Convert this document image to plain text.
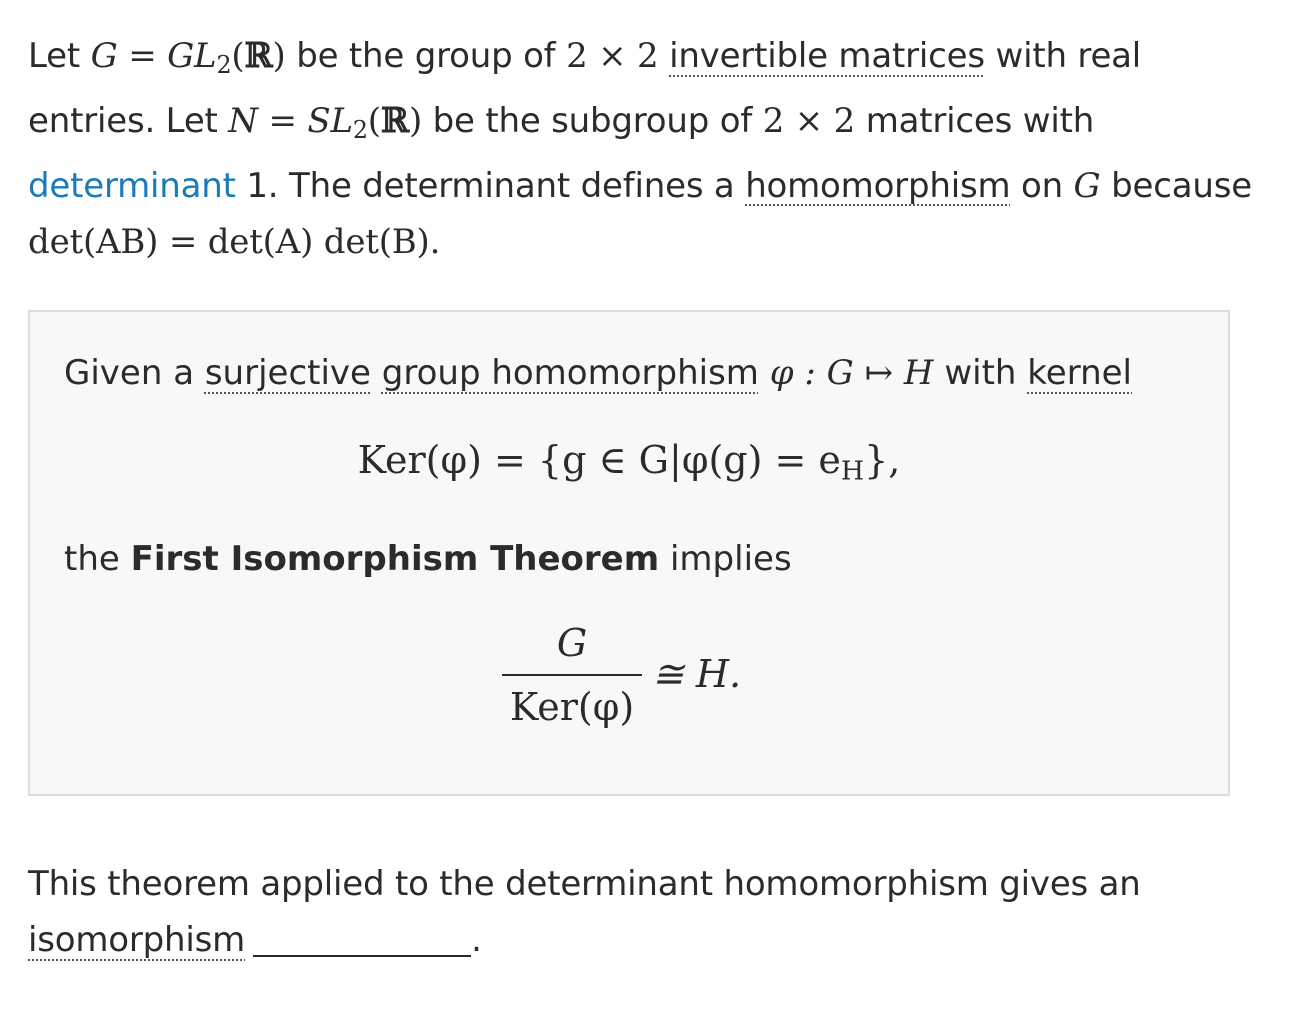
Let $G = GL_2(ℝ)$ be the group of 2 × 2 invertible matrices with real
entries. Let $N = SL_2(ℝ)$ be the subgroup of 2 × 2 matrices with
determinant 1. The determinant defines a homomorphism on G because
det(AB) = det(A) det(B).
Given a surjective group homomorphism φ : G ↦ H with kernel
Ker(φ) = {g ∈ $G|\varphi(g) = e_H$},
the First Isomorphism Theorem implies
G
Ker(φ)
≅ H.
This theorem applied to the determinant homomorphism gives an
isomorphism	.
